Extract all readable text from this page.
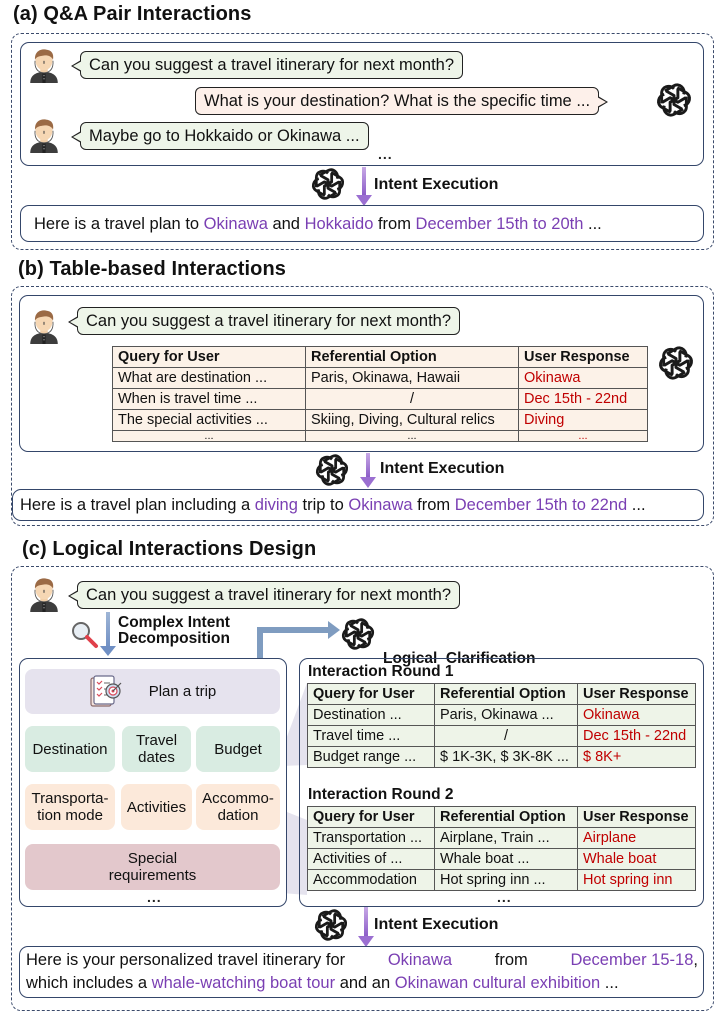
(a) Q&A Pair Interactions
Can you suggest a travel itinerary for next month?
What is your destination? What is the specific time ...
Maybe go to Hokkaido or Okinawa ...
...
Intent Execution
Here is a travel plan to Okinawa and Hokkaido from December 15th to 20th ...
(b) Table-based Interactions
Can you suggest a travel itinerary for next month?
Query for User	Referential Option	User Response
What are destination ...	Paris, Okinawa, Hawaii	Okinawa
When is travel time ...	/	Dec 15th - 22nd
The special activities ...	Skiing, Diving, Cultural relics	Diving
...	...	...
Intent Execution
Here is a travel plan including a diving trip to Okinawa from December 15th to 22nd ...
(c) Logical Interactions Design
Can you suggest a travel itinerary for next month?
Complex Intent
Decomposition

Logical  Clarification

Plan a trip
Destination	Travel
dates	Budget
Transporta-
tion mode	Activities	Accommo-
dation
Special
requirements
...
Interaction Round 1
Query for User	Referential Option	User Response
Destination ...	Paris, Okinawa ...	Okinawa
Travel time ...	/	Dec 15th - 22nd
Budget range ...	$ 1K-3K, $ 3K-8K ...	$ 8K+
Interaction Round 2
Query for User	Referential Option	User Response
Transportation ...	Airplane, Train ...	Airplane
Activities of ...	Whale boat ...	Whale boat
Accommodation	Hot spring inn ...	Hot spring inn
...
Intent Execution
Here is your personalized travel itinerary for Okinawa from December 15-18,
which includes a whale-watching boat tour and an Okinawan cultural exhibition ...
